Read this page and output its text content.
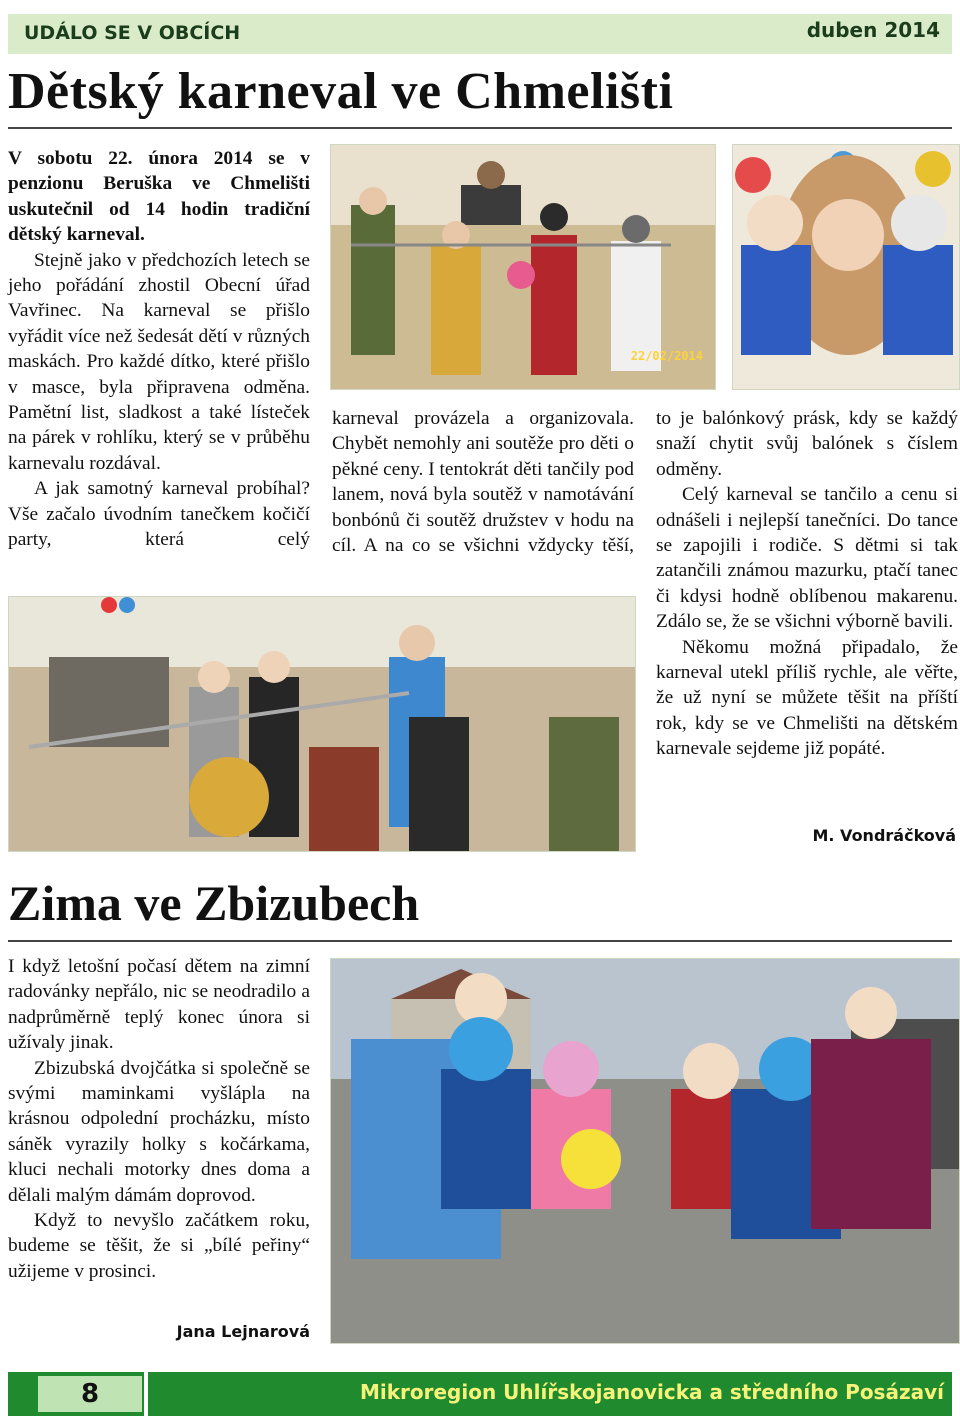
UDÁLO SE V OBCÍCH	duben 2014
Dětský karneval ve Chmelišti

V sobotu 22. února 2014 se v penzionu Beruška ve Chmelišti uskutečnil od 14 hodin tradiční dětský karneval.

Stejně jako v předchozích letech se jeho pořádání zhostil Obecní úřad Vavřinec. Na karneval se přišlo vyřádit více než šedesát dětí v různých maskách. Pro každé dítko, které přišlo v masce, byla připravena odměna. Pamětní list, sladkost a také lísteček na párek v rohlíku, který se v průběhu karnevalu rozdával.

A jak samotný karneval probíhal? Vše začalo úvodním tanečkem kočičí party, která celý

22/02/2014

karneval provázela a organizovala. Chybět nemohly ani soutěže pro děti o pěkné ceny. I tentokrát děti tančily pod lanem, nová byla soutěž v namotávání bonbónů či soutěž družstev v hodu na cíl. A na co se všichni vždycky těší,

to je balónkový prásk, kdy se každý snaží chytit svůj balónek s číslem odměny.

Celý karneval se tančilo a cenu si odnášeli i nejlepší tanečníci. Do tance se zapojili i rodiče. S dětmi si tak zatančili známou mazurku, ptačí tanec či kdysi hodně oblíbenou makarenu. Zdálo se, že se všichni výborně bavili.

Někomu možná připadalo, že karneval utekl příliš rychle, ale věřte, že už nyní se můžete těšit na příští rok, kdy se ve Chmelišti na dětském karnevale sejdeme již popáté.

M. Vondráčková
Zima ve Zbizubech

I když letošní počasí dětem na zimní radovánky nepřálo, nic se neodradilo a nadprůměrně teplý konec února si užívaly jinak.

Zbizubská dvojčátka si společně se svými maminkami vyšlápla na krásnou odpolední procházku, místo sáněk vyrazily holky s kočárkama, kluci nechali motorky dnes doma a dělali malým dámám doprovod.

Když to nevyšlo začátkem roku, budeme se těšit, že si „bílé peřiny“ užijeme v prosinci.

Jana Lejnarová
8	Mikroregion Uhlířskojanovicka a středního Posázaví
